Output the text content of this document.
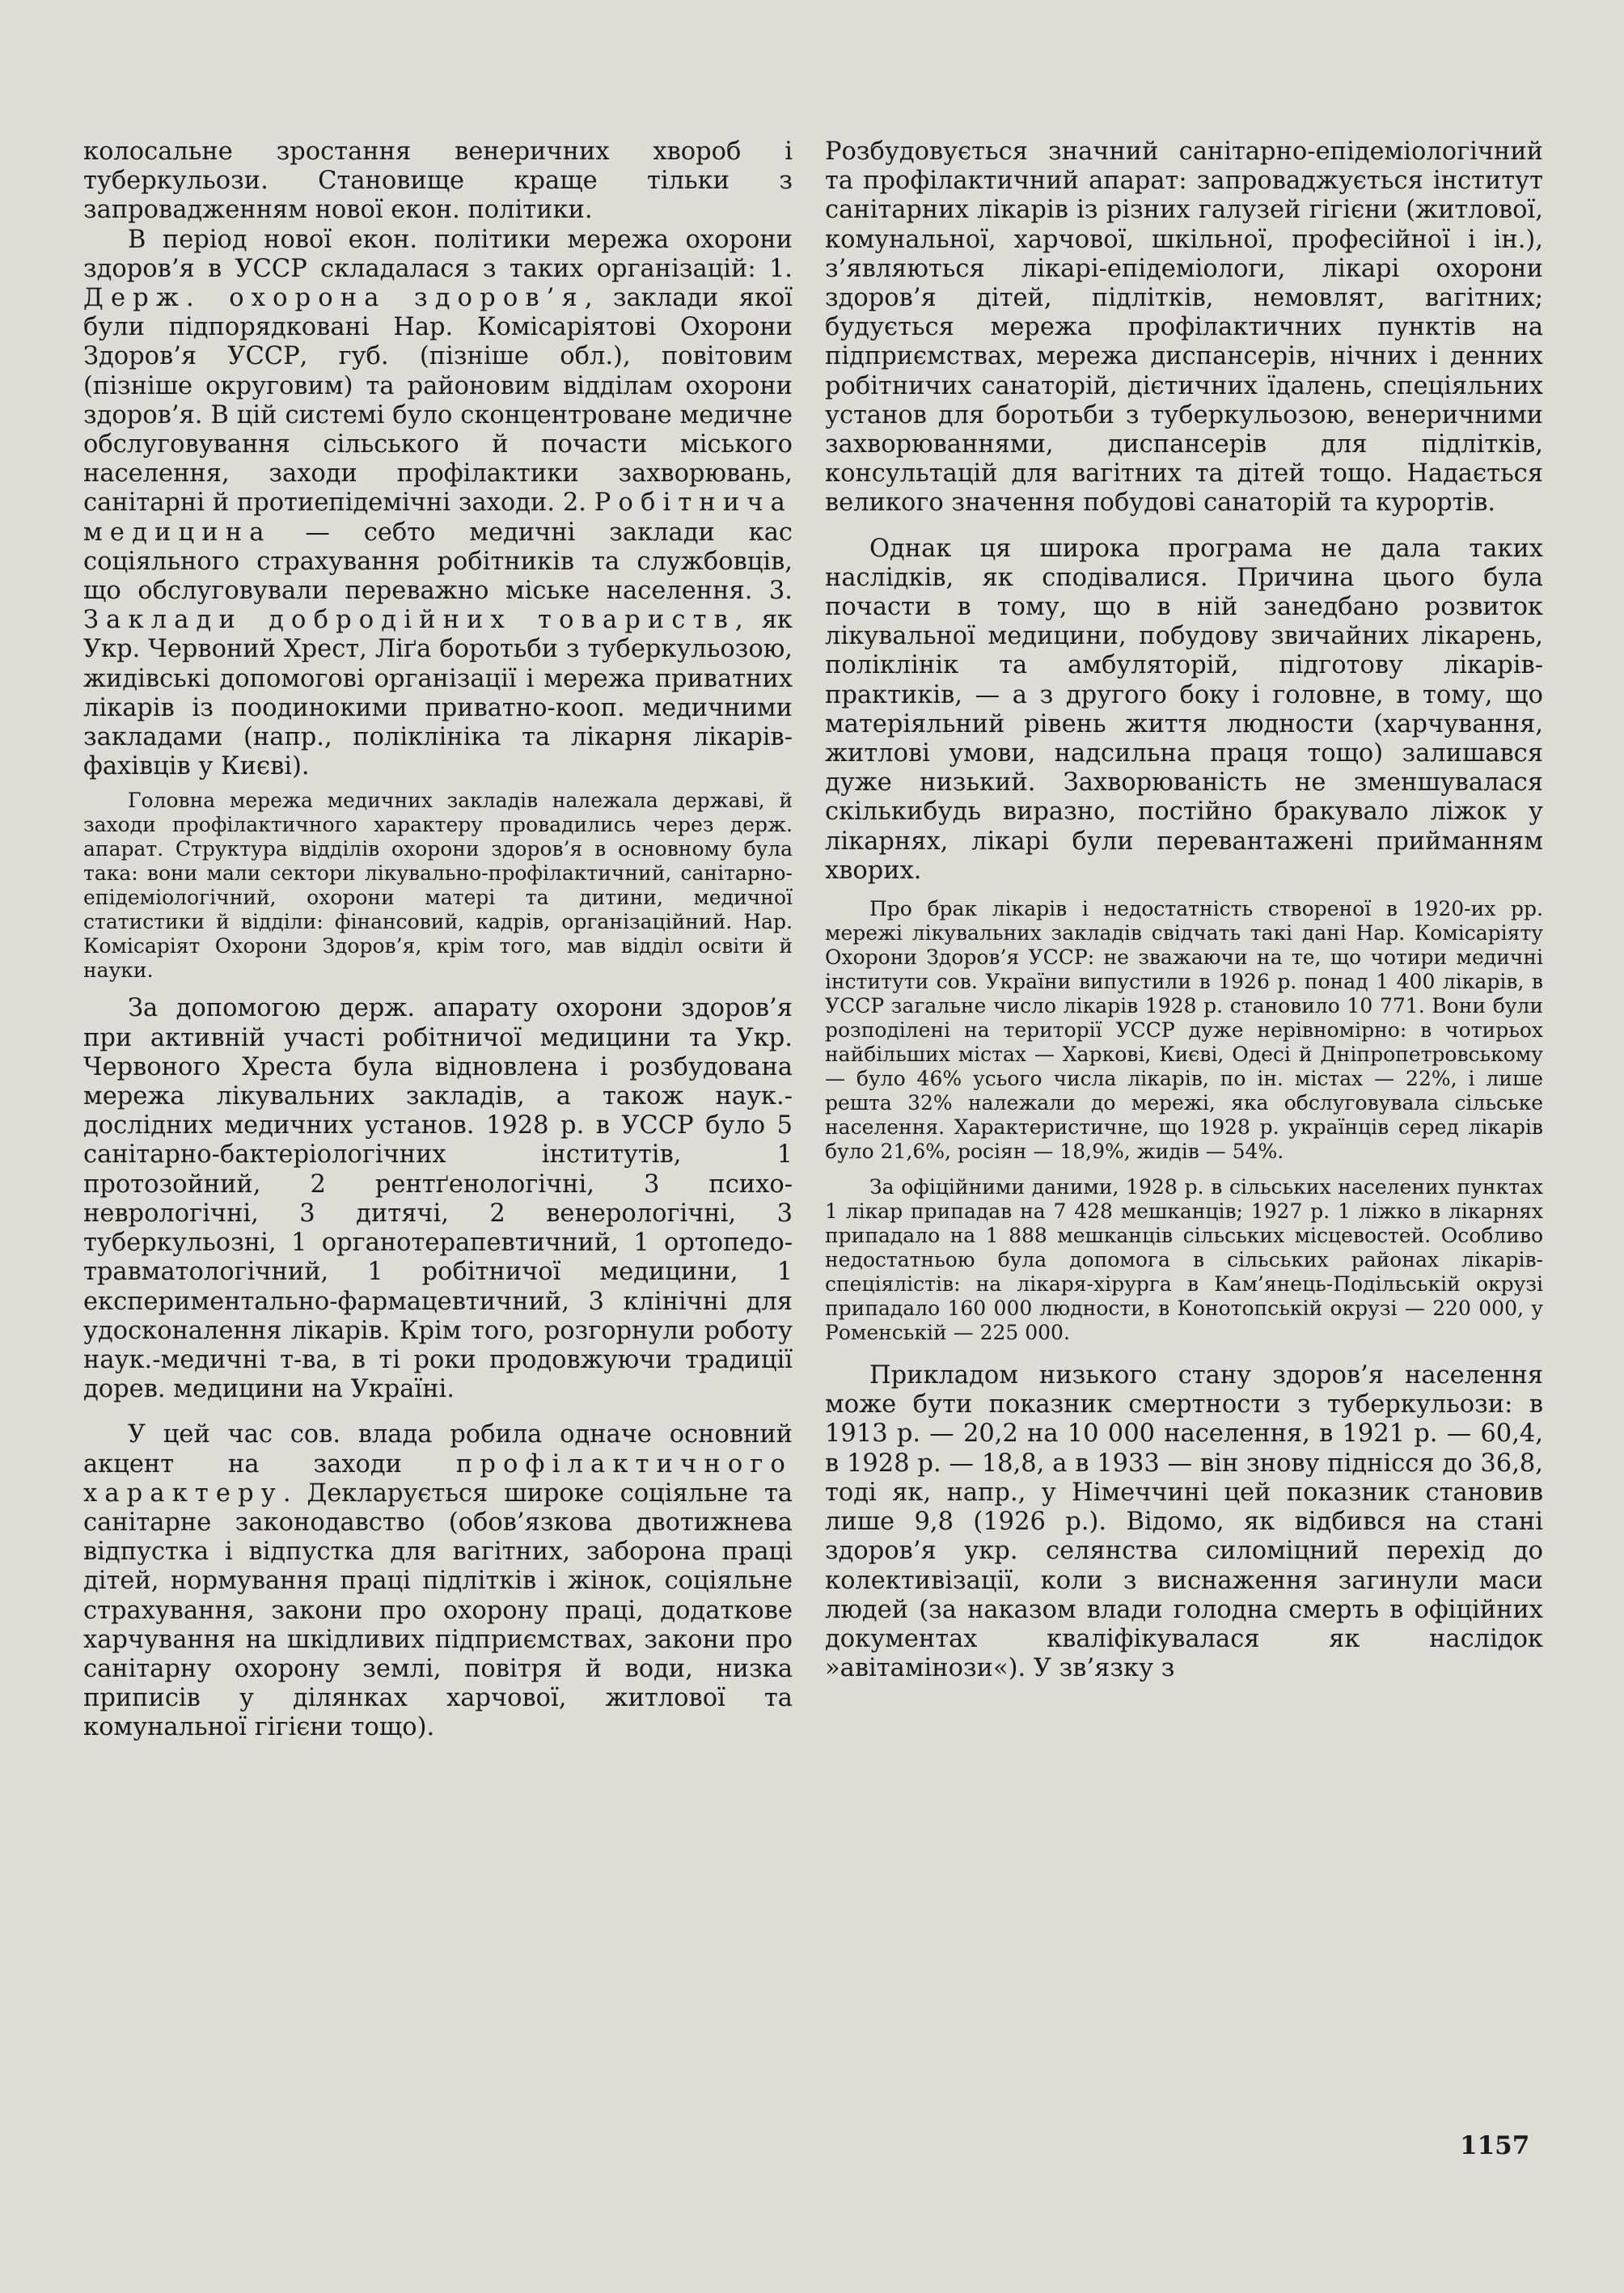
колосальне зростання венеричних хвороб і туберкульози. Становище краще тільки з запровадженням нової екон. політики.

В період нової екон. політики мережа охорони здоров’я в УССР складалася з таких організацій: 1. Держ. охорона здоров’я, заклади якої були підпорядковані Нар. Комісаріятові Охорони Здоров’я УССР, губ. (пізніше обл.), повітовим (пізніше округовим) та районовим відділам охорони здоров’я. В цій системі було сконцентроване медичне обслуговування сільського й почасти міського населення, заходи профілактики захворювань, санітарні й протиепідемічні заходи. 2. Робітнича медицина — себто медичні заклади кас соціяльного страхування робітників та службовців, що обслуговували переважно міське населення. 3. Заклади добродійних товариств, як Укр. Червоний Хрест, Ліґа боротьби з туберкульозою, жидівські допомогові організації і мережа приватних лікарів із поодинокими приватно-кооп. медичними закладами (напр., поліклініка та лікарня лікарів-фахівців у Києві).

Головна мережа медичних закладів належала державі, й заходи профілактичного характеру провадились через держ. апарат. Структура відділів охорони здоров’я в основному була така: вони мали сектори лікувально-профілактичний, санітарно-епідеміологічний, охорони матері та дитини, медичної статистики й відділи: фінансовий, кадрів, організаційний. Нар. Комісаріят Охорони Здоров’я, крім того, мав відділ освіти й науки.

За допомогою держ. апарату охорони здоров’я при активній участі робітничої медицини та Укр. Червоного Хреста була відновлена і розбудована мережа лікувальних закладів, а також наук.-дослідних медичних установ. 1928 р. в УССР було 5 санітарно-бактеріологічних інститутів, 1 протозойний, 2 рентґенологічні, 3 психо-неврологічні, 3 дитячі, 2 венерологічні, 3 туберкульозні, 1 органотерапевтичний, 1 ортопедо-травматологічний, 1 робітничої медицини, 1 експериментально-фармацевтичний, 3 клінічні для удосконалення лікарів. Крім того, розгорнули роботу наук.-медичні т-ва, в ті роки продовжуючи традиції дорев. медицини на Україні.

У цей час сов. влада робила одначе основний акцент на заходи профілактичного характеру. Декларується широке соціяльне та санітарне законодавство (обов’язкова двотижнева відпустка і відпустка для вагітних, заборона праці дітей, нормування праці підлітків і жінок, соціяльне страхування, закони про охорону праці, додаткове харчування на шкідливих підприємствах, закони про санітарну охорону землі, повітря й води, низка приписів у ділянках харчової, житлової та комунальної гігієни тощо).

Розбудовується значний санітарно-епідеміологічний та профілактичний апарат: запроваджується інститут санітарних лікарів із різних галузей гігієни (житлової, комунальної, харчової, шкільної, професійної і ін.), з’являються лікарі-епідеміологи, лікарі охорони здоров’я дітей, підлітків, немовлят, вагітних; будується мережа профілактичних пунктів на підприємствах, мережа диспансерів, нічних і денних робітничих санаторій, дієтичних їдалень, спеціяльних установ для боротьби з туберкульозою, венеричними захворюваннями, диспансерів для підлітків, консультацій для вагітних та дітей тощо. Надається великого значення побудові санаторій та курортів.

Однак ця широка програма не дала таких наслідків, як сподівалися. Причина цього була почасти в тому, що в ній занедбано розвиток лікувальної медицини, побудову звичайних лікарень, поліклінік та амбуляторій, підготову лікарів-практиків, — а з другого боку і головне, в тому, що матеріяльний рівень життя людности (харчування, житлові умови, надсильна праця тощо) залишався дуже низький. Захворюваність не зменшувалася скількибудь виразно, постійно бракувало ліжок у лікарнях, лікарі були перевантажені прийманням хворих.

Про брак лікарів і недостатність створеної в 1920-их рр. мережі лікувальних закладів свідчать такі дані Нар. Комісаріяту Охорони Здоров’я УССР: не зважаючи на те, що чотири медичні інститути сов. України випустили в 1926 р. понад 1 400 лікарів, в УССР загальне число лікарів 1928 р. становило 10 771. Вони були розподілені на території УССР дуже нерівномірно: в чотирьох найбільших містах — Харкові, Києві, Одесі й Дніпропетровському — було 46% усього числа лікарів, по ін. містах — 22%, і лише решта 32% належали до мережі, яка обслуговувала сільське населення. Характеристичне, що 1928 р. українців серед лікарів було 21,6%, росіян — 18,9%, жидів — 54%.

За офіційними даними, 1928 р. в сільських населених пунктах 1 лікар припадав на 7 428 мешканців; 1927 р. 1 ліжко в лікарнях припадало на 1 888 мешканців сільських місцевостей. Особливо недостатньою була допомога в сільських районах лікарів-спеціялістів: на лікаря-хірурга в Кам’янець-Подільській окрузі припадало 160 000 людности, в Конотопській окрузі — 220 000, у Роменській — 225 000.

Прикладом низького стану здоров’я населення може бути показник смертности з туберкульози: в 1913 р. — 20,2 на 10 000 населення, в 1921 р. — 60,4, в 1928 р. — 18,8, а в 1933 — він знову піднісся до 36,8, тоді як, напр., у Німеччині цей показник становив лише 9,8 (1926 р.). Відомо, як відбився на стані здоров’я укр. селянства силоміцний перехід до колективізації, коли з виснаження загинули маси людей (за наказом влади голодна смерть в офіційних документах кваліфікувалася як наслідок »авітамінози«). У зв’язку з

1157
